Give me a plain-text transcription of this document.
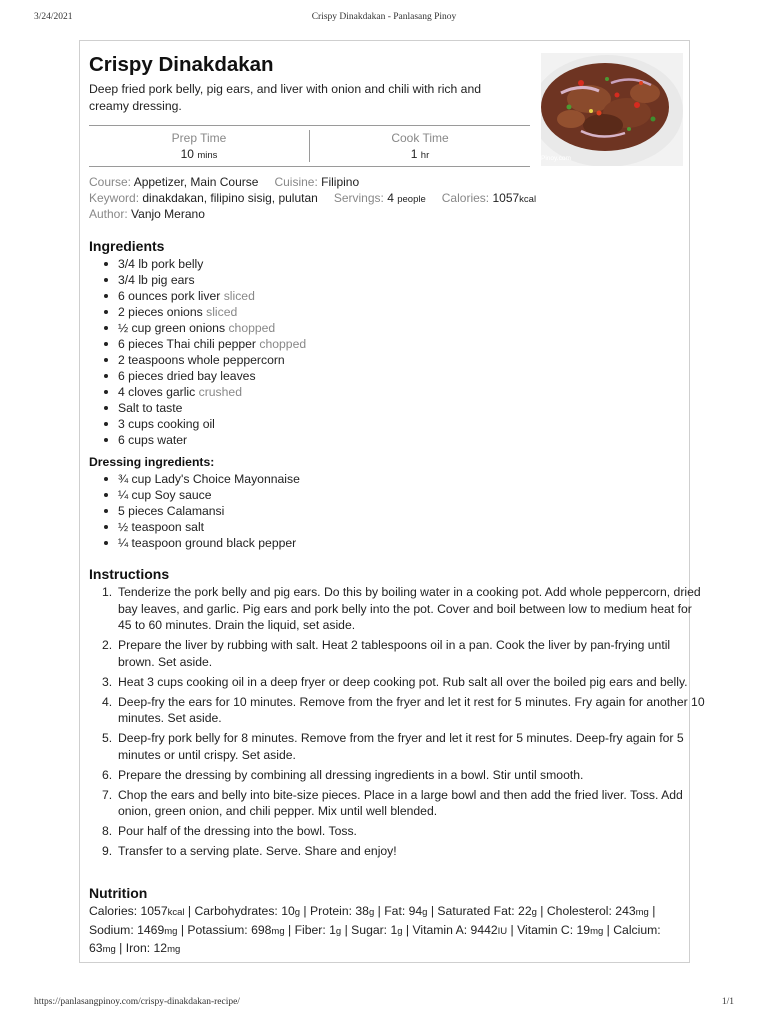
3/24/2021	Crispy Dinakdakan - Panlasang Pinoy
Crispy Dinakdakan
Deep fried pork belly, pig ears, and liver with onion and chili with rich and creamy dressing.
Pinoy.com
Prep Time
10 mins
Cook Time
1 hr
Course: Appetizer, Main Course Cuisine: Filipino
Keyword: dinakdakan, filipino sisig, pulutan Servings: 4 people Calories: 1057kcal
Author: Vanjo Merano
Ingredients
3/4 lb pork belly
3/4 lb pig ears
6 ounces pork liver sliced
2 pieces onions sliced
½ cup green onions chopped
6 pieces Thai chili pepper chopped
2 teaspoons whole peppercorn
6 pieces dried bay leaves
4 cloves garlic crushed
Salt to taste
3 cups cooking oil
6 cups water
Dressing ingredients:
¾ cup Lady's Choice Mayonnaise
¼ cup Soy sauce
5 pieces Calamansi
½ teaspoon salt
¼ teaspoon ground black pepper
Instructions
Tenderize the pork belly and pig ears. Do this by boiling water in a cooking pot. Add whole peppercorn, dried bay leaves, and garlic. Pig ears and pork belly into the pot. Cover and boil between low to medium heat for 45 to 60 minutes. Drain the liquid, set aside.
Prepare the liver by rubbing with salt. Heat 2 tablespoons oil in a pan. Cook the liver by pan-frying until brown. Set aside.
Heat 3 cups cooking oil in a deep fryer or deep cooking pot. Rub salt all over the boiled pig ears and belly.
Deep-fry the ears for 10 minutes. Remove from the fryer and let it rest for 5 minutes. Fry again for another 10 minutes. Set aside.
Deep-fry pork belly for 8 minutes. Remove from the fryer and let it rest for 5 minutes. Deep-fry again for 5 minutes or until crispy. Set aside.
Prepare the dressing by combining all dressing ingredients in a bowl. Stir until smooth.
Chop the ears and belly into bite-size pieces. Place in a large bowl and then add the fried liver. Toss. Add onion, green onion, and chili pepper. Mix until well blended.
Pour half of the dressing into the bowl. Toss.
Transfer to a serving plate. Serve. Share and enjoy!
Nutrition
Calories: 1057kcal | Carbohydrates: 10g | Protein: 38g | Fat: 94g | Saturated Fat: 22g | Cholesterol: 243mg | Sodium: 1469mg | Potassium: 698mg | Fiber: 1g | Sugar: 1g | Vitamin A: 9442IU | Vitamin C: 19mg | Calcium: 63mg | Iron: 12mg
https://panlasangpinoy.com/crispy-dinakdakan-recipe/	1/1
